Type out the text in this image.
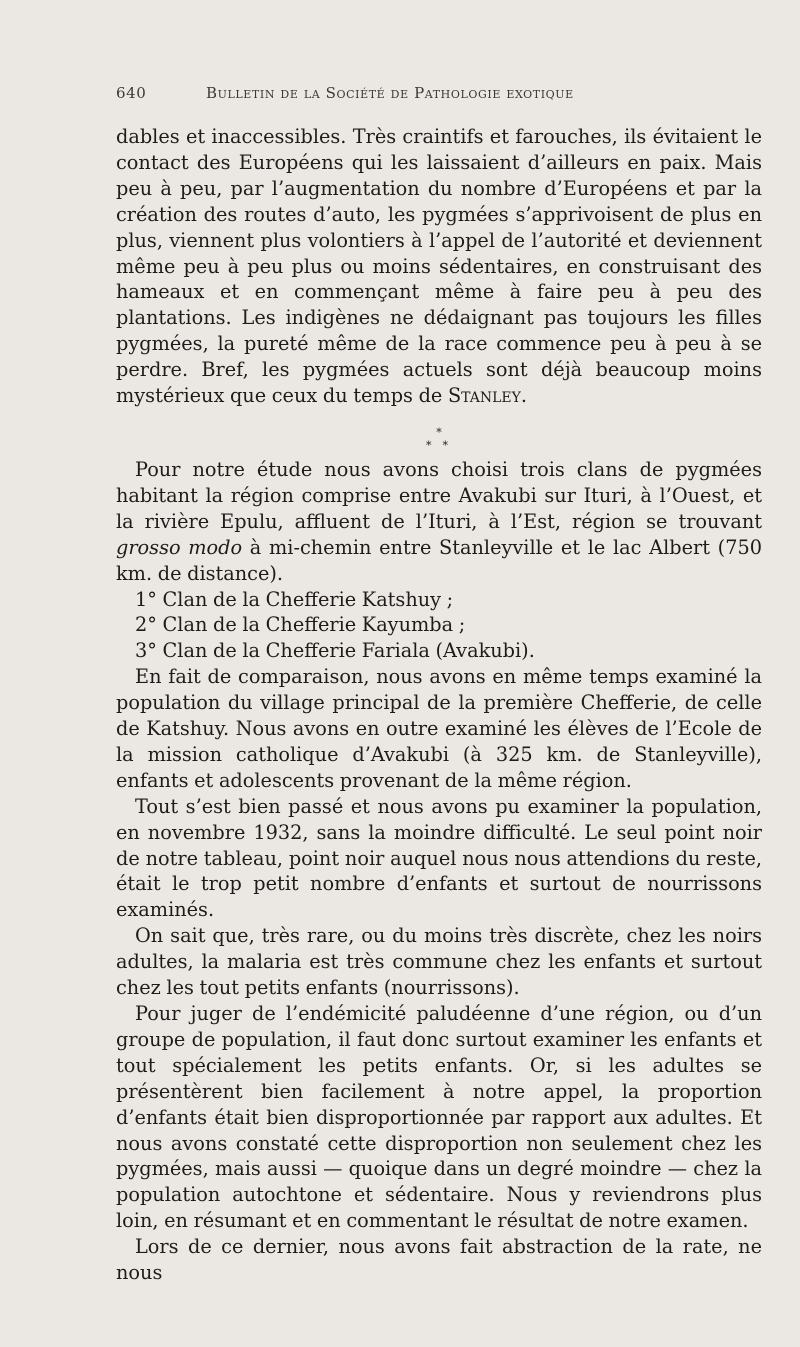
640	Bulletin de la Société de Pathologie exotique

dables et inaccessibles. Très craintifs et farouches, ils évitaient le contact des Européens qui les laissaient d’ailleurs en paix. Mais peu à peu, par l’augmentation du nombre d’Européens et par la création des routes d’auto, les pygmées s’apprivoisent de plus en plus, viennent plus volontiers à l’appel de l’autorité et deviennent même peu à peu plus ou moins sédentaires, en construisant des hameaux et en commençant même à faire peu à peu des plantations. Les indigènes ne dédaignant pas toujours les filles pygmées, la pureté même de la race commence peu à peu à se perdre. Bref, les pygmées actuels sont déjà beaucoup moins mystérieux que ceux du temps de Stanley.

*
* *

Pour notre étude nous avons choisi trois clans de pygmées habitant la région comprise entre Avakubi sur Ituri, à l’Ouest, et la rivière Epulu, affluent de l’Ituri, à l’Est, région se trouvant grosso modo à mi-chemin entre Stanleyville et le lac Albert (750 km. de distance).

1° Clan de la Chefferie Katshuy ;

2° Clan de la Chefferie Kayumba ;

3° Clan de la Chefferie Fariala (Avakubi).

En fait de comparaison, nous avons en même temps examiné la population du village principal de la première Chefferie, de celle de Katshuy. Nous avons en outre examiné les élèves de l’Ecole de la mission catholique d’Avakubi (à 325 km. de Stanleyville), enfants et adolescents provenant de la même région.

Tout s’est bien passé et nous avons pu examiner la population, en novembre 1932, sans la moindre difficulté. Le seul point noir de notre tableau, point noir auquel nous nous attendions du reste, était le trop petit nombre d’enfants et surtout de nourrissons examinés.

On sait que, très rare, ou du moins très discrète, chez les noirs adultes, la malaria est très commune chez les enfants et surtout chez les tout petits enfants (nourrissons).

Pour juger de l’endémicité paludéenne d’une région, ou d’un groupe de population, il faut donc surtout examiner les enfants et tout spécialement les petits enfants. Or, si les adultes se présentèrent bien facilement à notre appel, la proportion d’enfants était bien disproportionnée par rapport aux adultes. Et nous avons constaté cette disproportion non seulement chez les pygmées, mais aussi — quoique dans un degré moindre — chez la population autochtone et sédentaire. Nous y reviendrons plus loin, en résumant et en commentant le résultat de notre examen.

Lors de ce dernier, nous avons fait abstraction de la rate, ne nous
